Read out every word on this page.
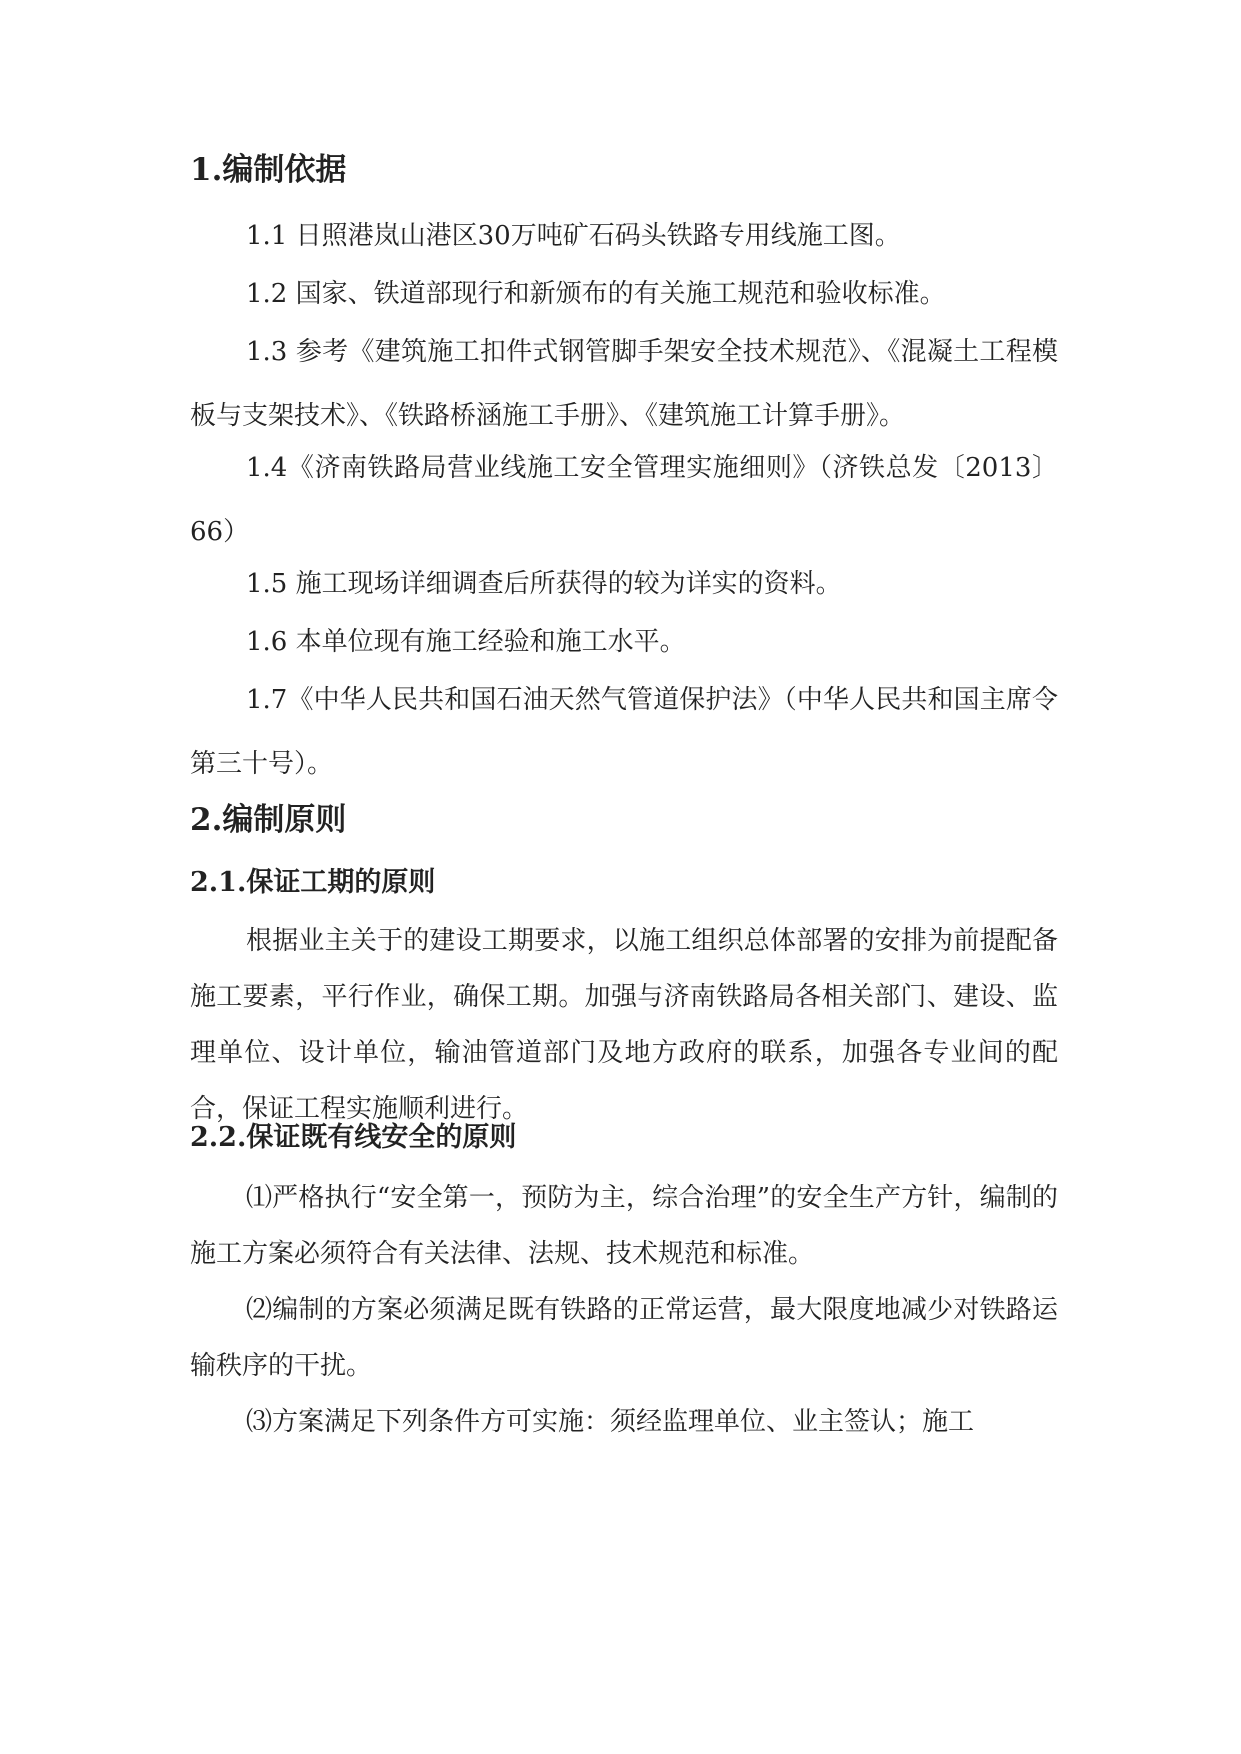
1.编制依据

1.1 日照港岚山港区30万吨矿石码头铁路专用线施工图。

1.2 国家、铁道部现行和新颁布的有关施工规范和验收标准。

1.3 参考《建筑施工扣件式钢管脚手架安全技术规范》、《混凝土工程模板与支架技术》、《铁路桥涵施工手册》、《建筑施工计算手册》。

1.4《济南铁路局营业线施工安全管理实施细则》（济铁总发〔2013〕66）

1.5 施工现场详细调查后所获得的较为详实的资料。

1.6 本单位现有施工经验和施工水平。

1.7《中华人民共和国石油天然气管道保护法》（中华人民共和国主席令第三十号）。

2.编制原则
2.1.保证工期的原则

根据业主关于的建设工期要求，以施工组织总体部署的安排为前提配备施工要素，平行作业，确保工期。加强与济南铁路局各相关部门、建设、监理单位、设计单位，输油管道部门及地方政府的联系，加强各专业间的配合，保证工程实施顺利进行。

2.2.保证既有线安全的原则

⑴严格执行“安全第一，预防为主，综合治理”的安全生产方针，编制的施工方案必须符合有关法律、法规、技术规范和标准。

⑵编制的方案必须满足既有铁路的正常运营，最大限度地减少对铁路运输秩序的干扰。

⑶方案满足下列条件方可实施：须经监理单位、业主签认；施工
